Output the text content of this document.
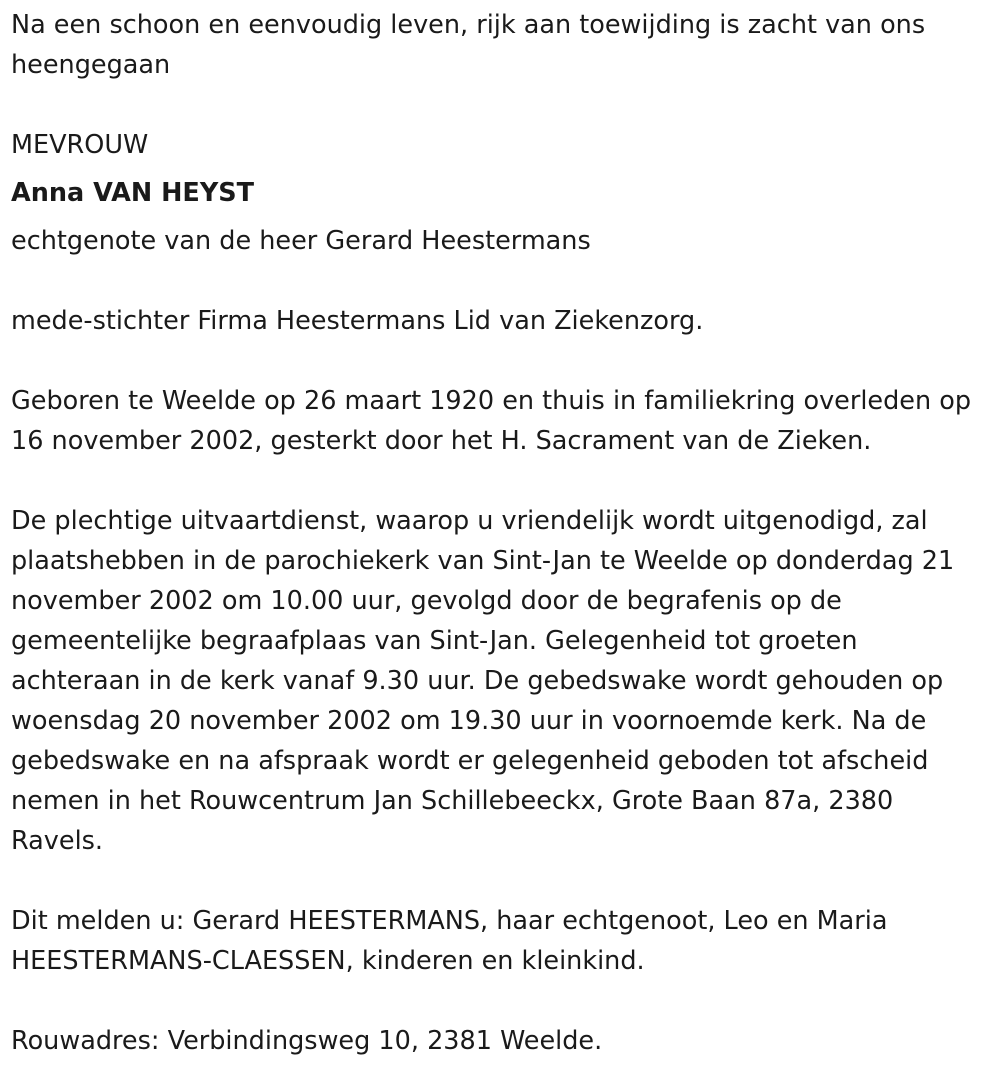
Na een schoon en eenvoudig leven, rijk aan toewijding is zacht van ons heengegaan

MEVROUW

Anna VAN HEYST

echtgenote van de heer Gerard Heestermans

mede-stichter Firma Heestermans Lid van Ziekenzorg.

Geboren te Weelde op 26 maart 1920 en thuis in familiekring overleden op 16 november 2002, gesterkt door het H. Sacrament van de Zieken.

De plechtige uitvaartdienst, waarop u vriendelijk wordt uitgenodigd, zal plaatshebben in de parochiekerk van Sint-Jan te Weelde op donderdag 21 november 2002 om 10.00 uur, gevolgd door de begrafenis op de gemeentelijke begraafplaas van Sint-Jan. Gelegenheid tot groeten achteraan in de kerk vanaf 9.30 uur. De gebedswake wordt gehouden op woensdag 20 november 2002 om 19.30 uur in voornoemde kerk. Na de gebedswake en na afspraak wordt er gelegenheid geboden tot afscheid nemen in het Rouwcentrum Jan Schillebeeckx, Grote Baan 87a, 2380 Ravels.

Dit melden u: Gerard HEESTERMANS, haar echtgenoot, Leo en Maria HEESTERMANS-CLAESSEN, kinderen en kleinkind.

Rouwadres: Verbindingsweg 10, 2381 Weelde.
